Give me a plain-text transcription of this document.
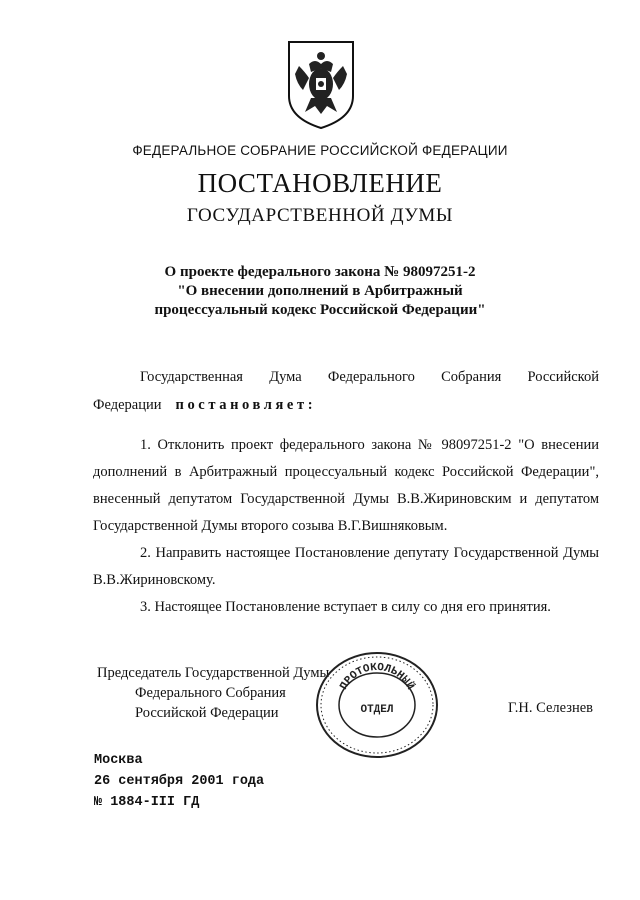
ФЕДЕРАЛЬНОЕ СОБРАНИЕ РОССИЙСКОЙ ФЕДЕРАЦИИ
ПОСТАНОВЛЕНИЕ
ГОСУДАРСТВЕННОЙ ДУМЫ
О проекте федерального закона № 98097251-2
"О внесении дополнений в Арбитражный
процессуальный кодекс Российской Федерации"
Государственная Дума Федерального Собрания Российской
Федерации постановляет:
1. Отклонить проект федерального закона № 98097251-2 "О внесении дополнений в Арбитражный процессуальный кодекс Российской Федерации", внесенный депутатом Государственной Думы В.В.Жириновским и депутатом Государственной Думы второго созыва В.Г.Вишняковым.
2. Направить настоящее Постановление депутату Государственной Думы В.В.Жириновскому.
3. Настоящее Постановление вступает в силу со дня его принятия.
Председатель Государственной Думы
Федерального Собрания
Российской Федерации
ПРОТОКОЛЬНЫЙ
ОТДЕЛ	Г.Н. Селезнев
Москва
26 сентября 2001 года
№ 1884-III ГД
